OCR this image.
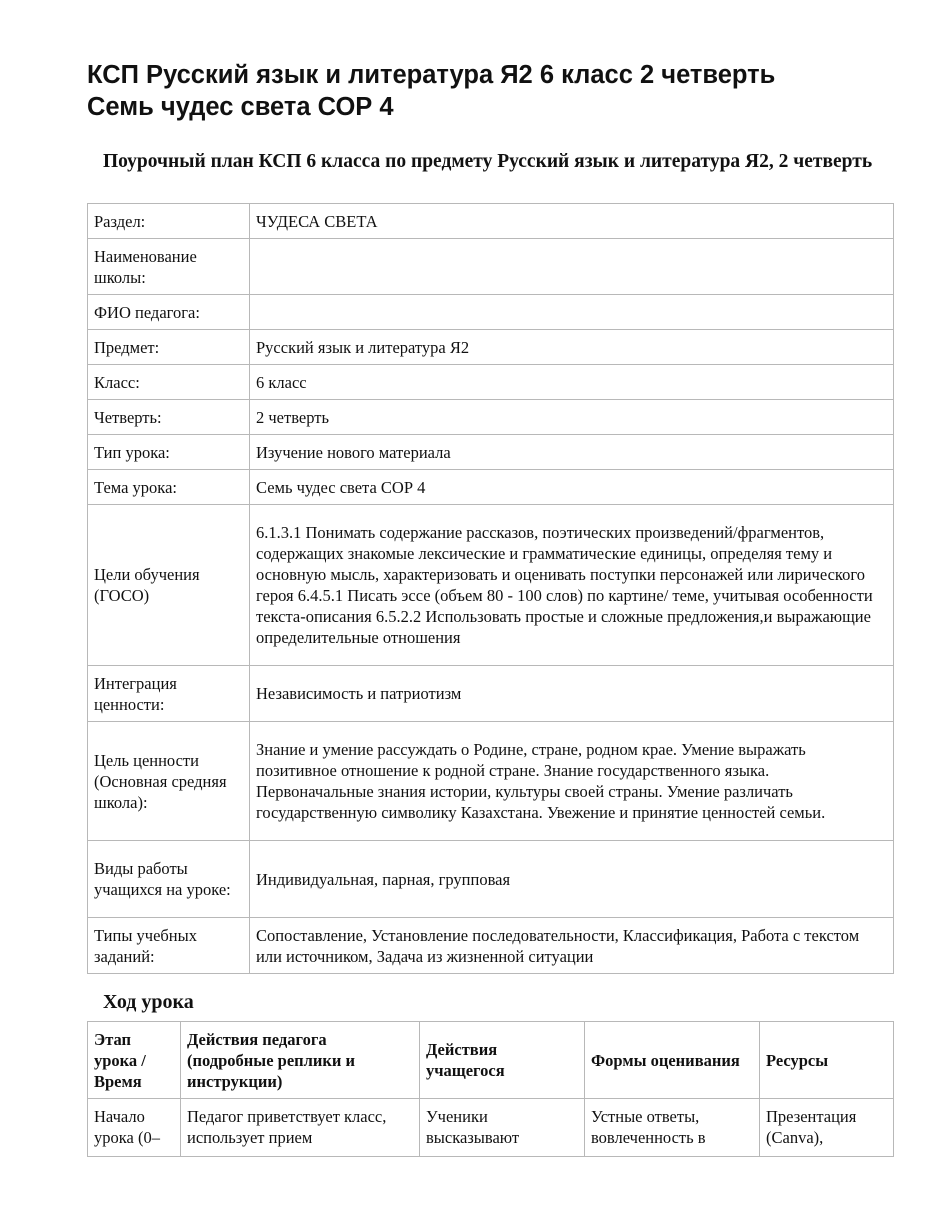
КСП Русский язык и литература Я2 6 класс 2 четверть
Семь чудес света СОР 4

Поурочный план КСП 6 класса по предмету Русский язык и литература Я2, 2 четверть

Раздел:	ЧУДЕСА СВЕТА
Наименование школы:	
ФИО педагога:	
Предмет:	Русский язык и литература Я2
Класс:	6 класс
Четверть:	2 четверть
Тип урока:	Изучение нового материала
Тема урока:	Семь чудес света СОР 4
Цели обучения (ГОСО)	6.1.3.1 Понимать содержание рассказов, поэтических произведений/фрагментов, содержащих знакомые лексические и грамматические единицы, определяя тему и основную мысль, характеризовать и оценивать поступки персонажей или лирического героя 6.4.5.1 Писать эссе (объем 80 - 100 слов) по картине/ теме, учитывая особенности текста-описания 6.5.2.2 Использовать простые и сложные предложения,и выражающие определительные отношения
Интеграция ценности:	Независимость и патриотизм
Цель ценности (Основная средняя школа):	Знание и умение рассуждать о Родине, стране, родном крае. Умение выражать позитивное отношение к родной стране. Знание государственного языка. Первоначальные знания истории, культуры своей страны. Умение различать государственную символику Казахстана. Увежение и принятие ценностей семьи.
Виды работы учащихся на уроке:	Индивидуальная, парная, групповая
Типы учебных заданий:	Сопоставление, Установление последовательности, Классификация, Работа с текстом или источником, Задача из жизненной ситуации
Ход урока
Этап урока / Время	Действия педагога (подробные реплики и инструкции)	Действия учащегося	Формы оценивания	Ресурсы

Начало урока (0–	Педагог приветствует класс, использует прием	Ученики высказывают	Устные ответы, вовлеченность в	Презентация (Canva),
